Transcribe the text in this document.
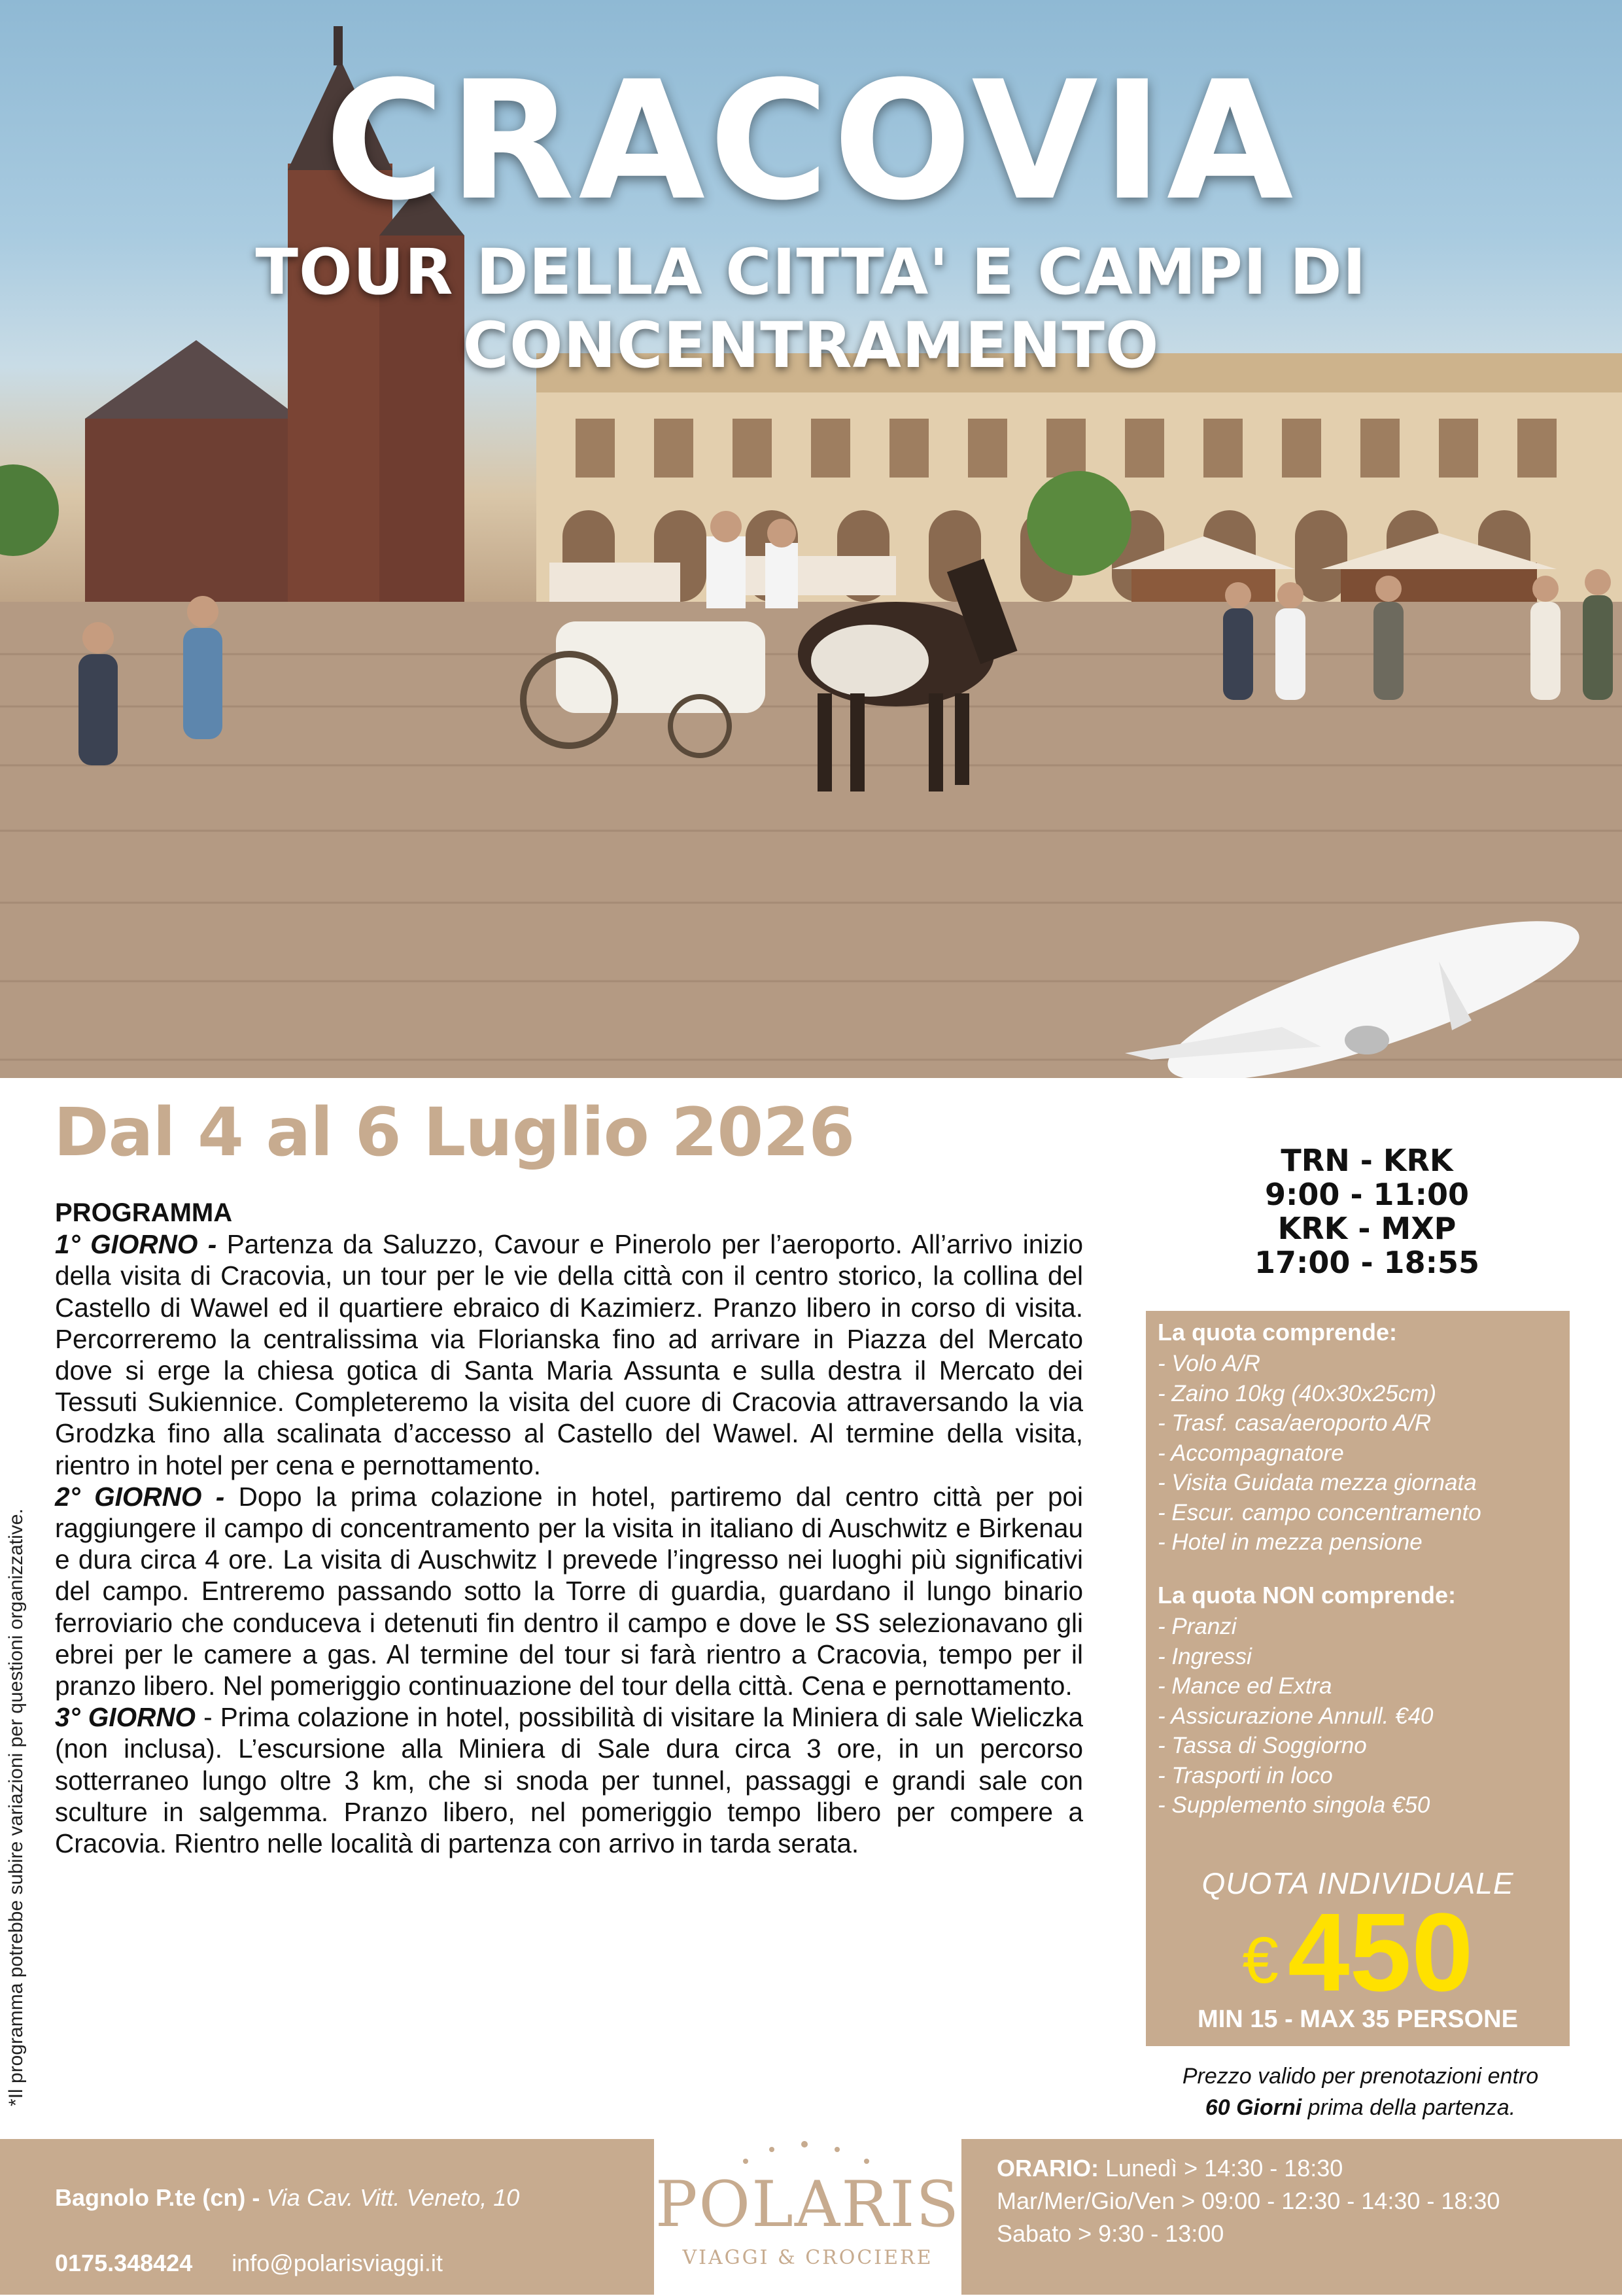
CRACOVIA
TOUR DELLA CITTA' E CAMPI DI CONCENTRAMENTO
Dal 4 al 6 Luglio 2026
*Il programma potrebbe subire variazioni per questioni organizzative.
PROGRAMMA

1° GIORNO - Partenza da Saluzzo, Cavour e Pinerolo per l’aeroporto. All’arrivo inizio della visita di Cracovia, un tour per le vie della città con il centro storico, la collina del Castello di Wawel ed il quartiere ebraico di Kazimierz. Pranzo libero in corso di visita. Percorreremo la centralissima via Florianska fino ad arrivare in Piazza del Mercato dove si erge la chiesa gotica di Santa Maria Assunta e sulla destra il Mercato dei Tessuti Sukiennice. Completeremo la visita del cuore di Cracovia attraversando la via Grodzka fino alla scalinata d’accesso al Castello del Wawel. Al termine della visita, rientro in hotel per cena e pernottamento.

2° GIORNO - Dopo la prima colazione in hotel, partiremo dal centro città per poi raggiungere il campo di concentramento per la visita in italiano di Auschwitz e Birkenau e dura circa 4 ore. La visita di Auschwitz I prevede l’ingresso nei luoghi più significativi del campo. Entreremo passando sotto la Torre di guardia, guardano il lungo binario ferroviario che conduceva i detenuti fin dentro il campo e dove le SS selezionavano gli ebrei per le camere a gas. Al termine del tour si farà rientro a Cracovia, tempo per il pranzo libero. Nel pomeriggio continuazione del tour della città. Cena e pernottamento.

3° GIORNO - Prima colazione in hotel, possibilità di visitare la Miniera di sale Wieliczka (non inclusa). L’escursione alla Miniera di Sale dura circa 3 ore, in un percorso sotterraneo lungo oltre 3 km, che si snoda per tunnel, passaggi e grandi sale con sculture in salgemma. Pranzo libero, nel pomeriggio tempo libero per compere a Cracovia. Rientro nelle località di partenza con arrivo in tarda serata.

TRN - KRK
9:00 - 11:00
KRK - MXP
17:00 - 18:55
La quota comprende:
- Volo A/R
- Zaino 10kg (40x30x25cm)
- Trasf. casa/aeroporto A/R
- Accompagnatore
- Visita Guidata mezza giornata
- Escur. campo concentramento
- Hotel in mezza pensione
La quota NON comprende:
- Pranzi
- Ingressi
- Mance ed Extra
- Assicurazione Annull. €40
- Tassa di Soggiorno
- Trasporti in loco
- Supplemento singola €50
QUOTA INDIVIDUALE
€450
MIN 15 - MAX 35 PERSONE
Prezzo valido per prenotazioni entro
60 Giorni prima della partenza.
Bagnolo P.te (cn) - Via Cav. Vitt. Veneto, 10
0175.348424 info@polarisviaggi.it
POLARIS
VIAGGI & CROCIERE
ORARIO: Lunedì > 14:30 - 18:30
Mar/Mer/Gio/Ven > 09:00 - 12:30 - 14:30 - 18:30
Sabato > 9:30 - 13:00
